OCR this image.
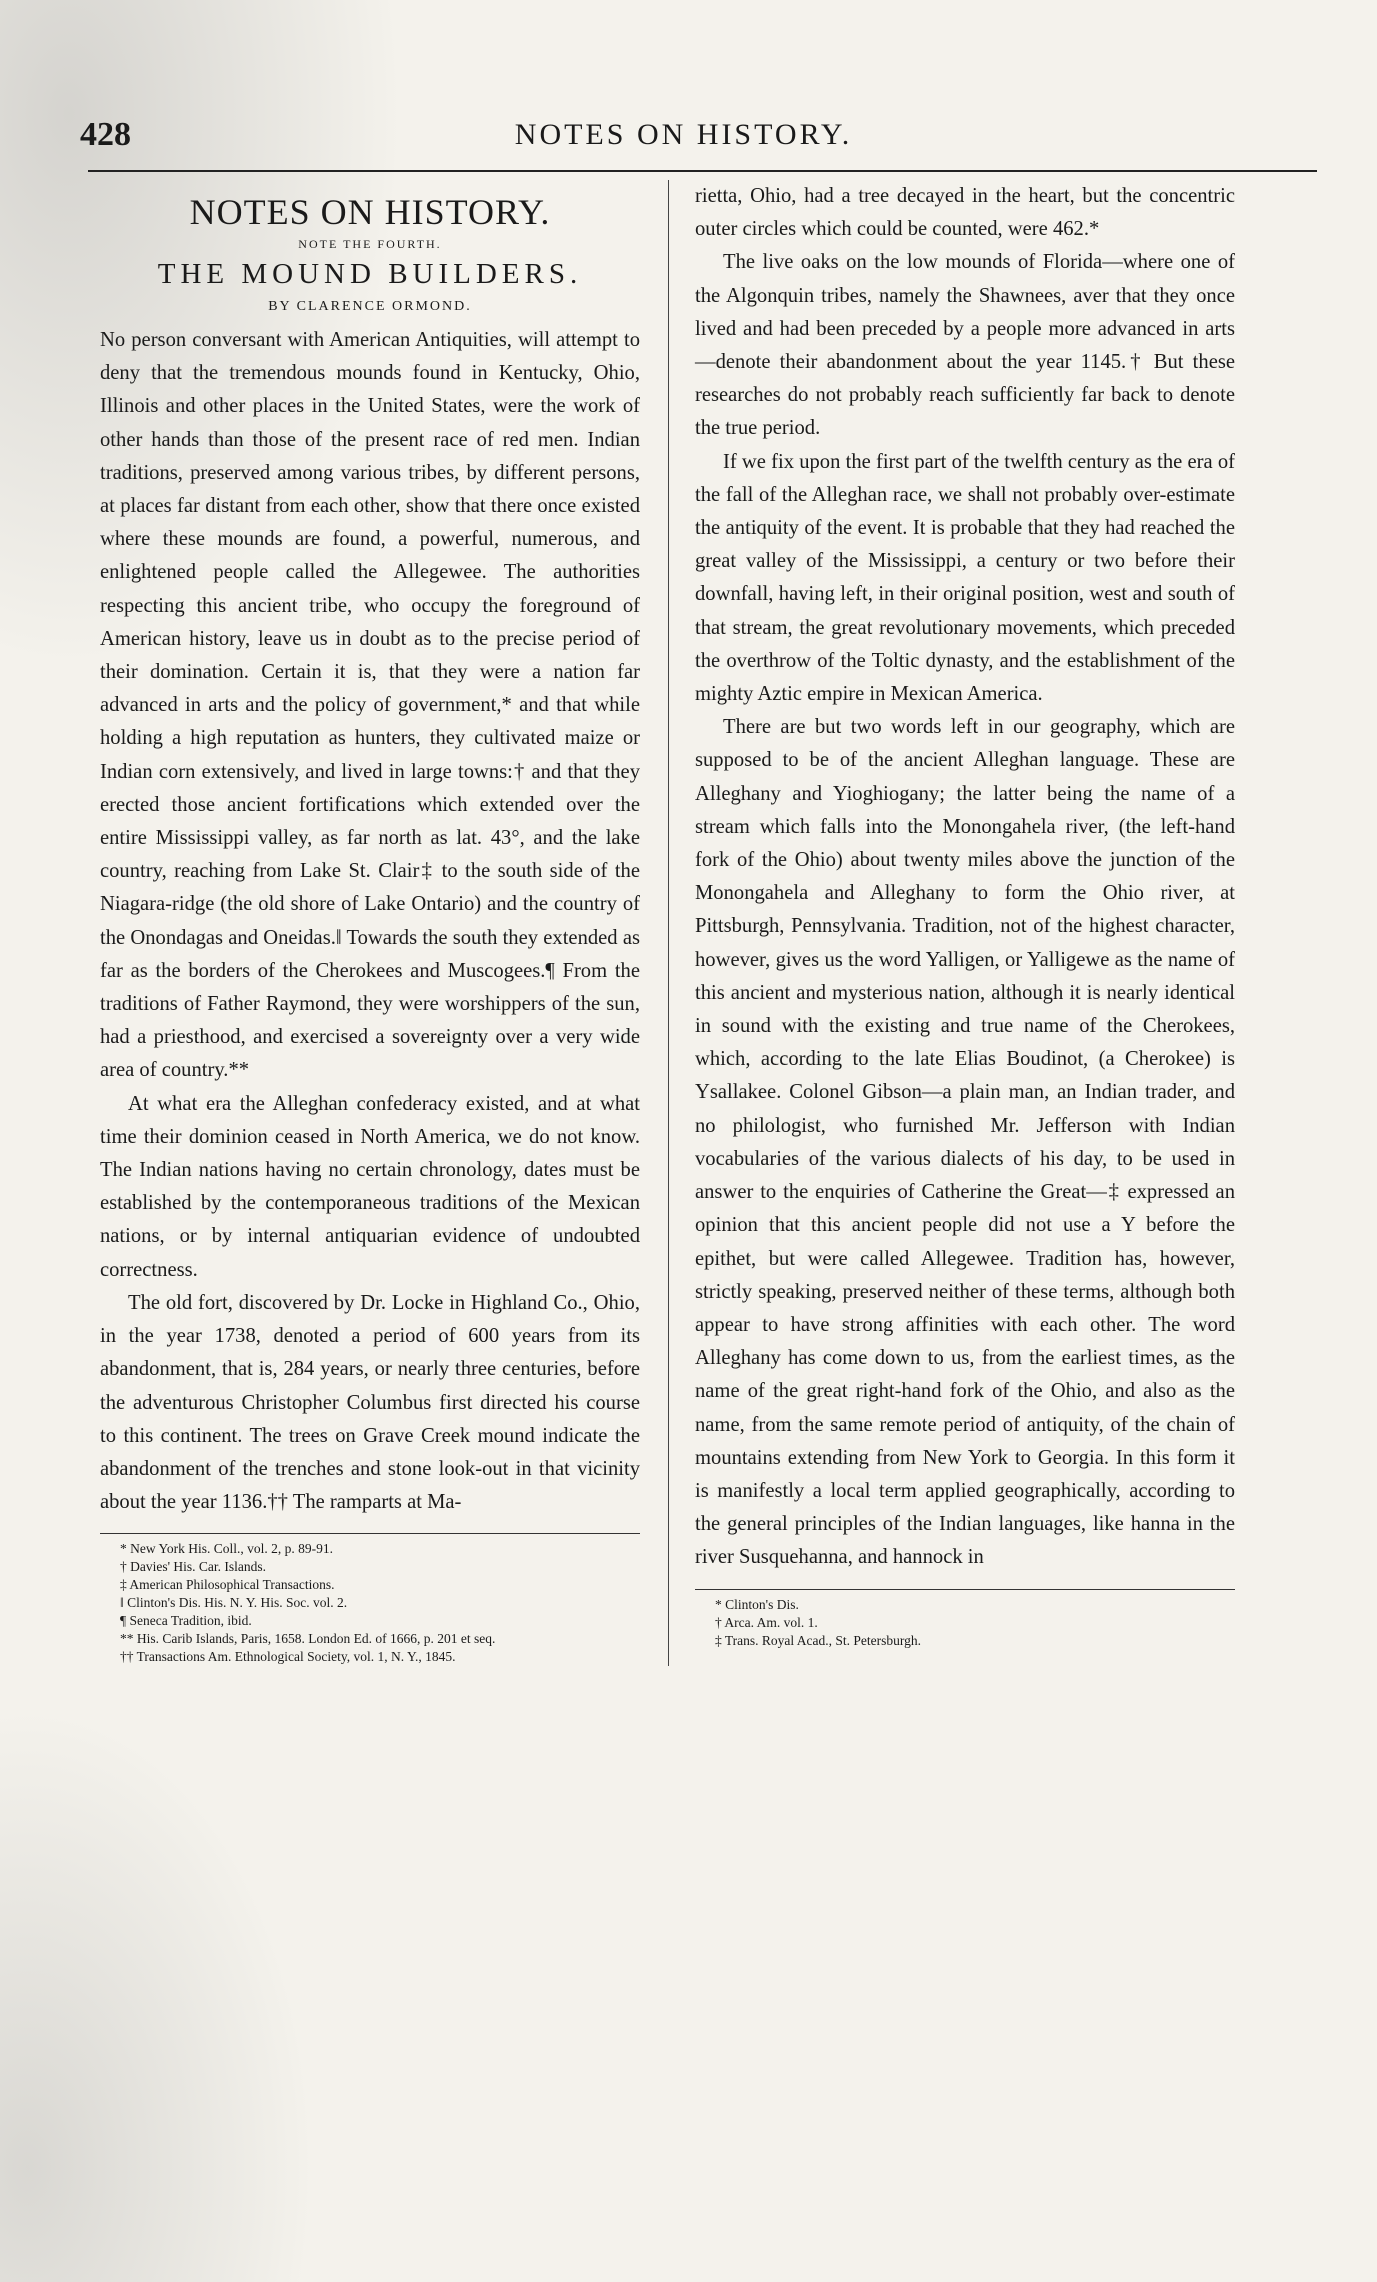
428	NOTES ON HISTORY.
NOTES ON HISTORY.
NOTE THE FOURTH.
THE MOUND BUILDERS.
BY CLARENCE ORMOND.

No person conversant with American Antiquities, will attempt to deny that the tremendous mounds found in Kentucky, Ohio, Illinois and other places in the United States, were the work of other hands than those of the present race of red men. Indian traditions, preserved among various tribes, by different persons, at places far distant from each other, show that there once existed where these mounds are found, a powerful, numerous, and enlightened people called the Allegewee. The authorities respecting this ancient tribe, who occupy the foreground of American history, leave us in doubt as to the precise period of their domination. Certain it is, that they were a nation far advanced in arts and the policy of government,* and that while holding a high reputation as hunters, they cultivated maize or Indian corn extensively, and lived in large towns:† and that they erected those ancient fortifications which extended over the entire Mississippi valley, as far north as lat. 43°, and the lake country, reaching from Lake St. Clair‡ to the south side of the Niagara-ridge (the old shore of Lake Ontario) and the country of the Onondagas and Oneidas.‖ Towards the south they extended as far as the borders of the Cherokees and Muscogees.¶ From the traditions of Father Raymond, they were worshippers of the sun, had a priesthood, and exercised a sovereignty over a very wide area of country.**

At what era the Alleghan confederacy existed, and at what time their dominion ceased in North America, we do not know. The Indian nations having no certain chronology, dates must be established by the contemporaneous traditions of the Mexican nations, or by internal antiquarian evidence of undoubted correctness.

The old fort, discovered by Dr. Locke in Highland Co., Ohio, in the year 1738, denoted a period of 600 years from its abandonment, that is, 284 years, or nearly three centuries, before the adventurous Christopher Columbus first directed his course to this continent. The trees on Grave Creek mound indicate the abandonment of the trenches and stone look-out in that vicinity about the year 1136.†† The ramparts at Ma-

* New York His. Coll., vol. 2, p. 89-91.
† Davies' His. Car. Islands.
‡ American Philosophical Transactions.
‖ Clinton's Dis. His. N. Y. His. Soc. vol. 2.
¶ Seneca Tradition, ibid.
** His. Carib Islands, Paris, 1658. London Ed. of 1666, p. 201 et seq.
†† Transactions Am. Ethnological Society, vol. 1, N. Y., 1845.

rietta, Ohio, had a tree decayed in the heart, but the concentric outer circles which could be counted, were 462.*

The live oaks on the low mounds of Florida—where one of the Algonquin tribes, namely the Shawnees, aver that they once lived and had been preceded by a people more advanced in arts—denote their abandonment about the year 1145.† But these researches do not probably reach sufficiently far back to denote the true period.

If we fix upon the first part of the twelfth century as the era of the fall of the Alleghan race, we shall not probably over-estimate the antiquity of the event. It is probable that they had reached the great valley of the Mississippi, a century or two before their downfall, having left, in their original position, west and south of that stream, the great revolutionary movements, which preceded the overthrow of the Toltic dynasty, and the establishment of the mighty Aztic empire in Mexican America.

There are but two words left in our geography, which are supposed to be of the ancient Alleghan language. These are Alleghany and Yioghiogany; the latter being the name of a stream which falls into the Monongahela river, (the left-hand fork of the Ohio) about twenty miles above the junction of the Monongahela and Alleghany to form the Ohio river, at Pittsburgh, Pennsylvania. Tradition, not of the highest character, however, gives us the word Yalligen, or Yalligewe as the name of this ancient and mysterious nation, although it is nearly identical in sound with the existing and true name of the Cherokees, which, according to the late Elias Boudinot, (a Cherokee) is Ysallakee. Colonel Gibson—a plain man, an Indian trader, and no philologist, who furnished Mr. Jefferson with Indian vocabularies of the various dialects of his day, to be used in answer to the enquiries of Catherine the Great—‡ expressed an opinion that this ancient people did not use a Y before the epithet, but were called Allegewee. Tradition has, however, strictly speaking, preserved neither of these terms, although both appear to have strong affinities with each other. The word Alleghany has come down to us, from the earliest times, as the name of the great right-hand fork of the Ohio, and also as the name, from the same remote period of antiquity, of the chain of mountains extending from New York to Georgia. In this form it is manifestly a local term applied geographically, according to the general principles of the Indian languages, like hanna in the river Susquehanna, and hannock in

* Clinton's Dis.
† Arca. Am. vol. 1.
‡ Trans. Royal Acad., St. Petersburgh.
